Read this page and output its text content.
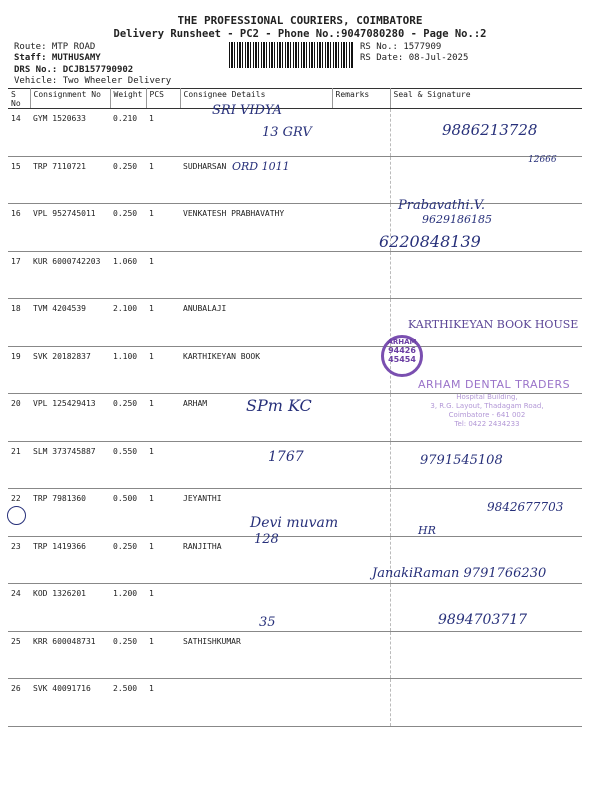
THE PROFESSIONAL COURIERS, COIMBATORE
Delivery Runsheet - PC2 - Phone No.:9047080280 - Page No.:2
Route: MTP ROAD
Staff: MUTHUSAMY
DRS No.: DCJB157790902
Vehicle: Two Wheeler Delivery
RS No.: 1577909
RS Date: 08-Jul-2025
S No	Consignment No	Weight	PCS	Consignee Details	Remarks	Seal & Signature
14	GYM 1520633	0.210	1			
15	TRP 7110721	0.250	1	SUDHARSAN		
16	VPL 952745011	0.250	1	VENKATESH PRABHAVATHY		
17	KUR 6000742203	1.060	1			
18	TVM 4204539	2.100	1	ANUBALAJI		
19	SVK 20182837	1.100	1	KARTHIKEYAN BOOK		
20	VPL 125429413	0.250	1	ARHAM		
21	SLM 373745887	0.550	1			
22	TRP 7981360	0.500	1	JEYANTHI		
23	TRP 1419366	0.250	1	RANJITHA		
24	KOD 1326201	1.200	1			
25	KRR 600048731	0.250	1	SATHISHKUMAR		
26	SVK 40091716	2.500	1			
SRI VIDYA
13 GRV	9886213728
ORD 1011	12666
Prabavathi.V.
9629186185
6220848139
KARTHIKEYAN BOOK HOUSE
SPm KC
1767	9791545108
Devi muvam
128
9842677703
HR
JanakiRaman 9791766230
9894703717
35
ARHAM
94426
45454
ARHAM DENTAL TRADERS
Hospital Building,
3, R.G. Layout, Thadagam Road,
Coimbatore - 641 002
Tel: 0422 2434233
